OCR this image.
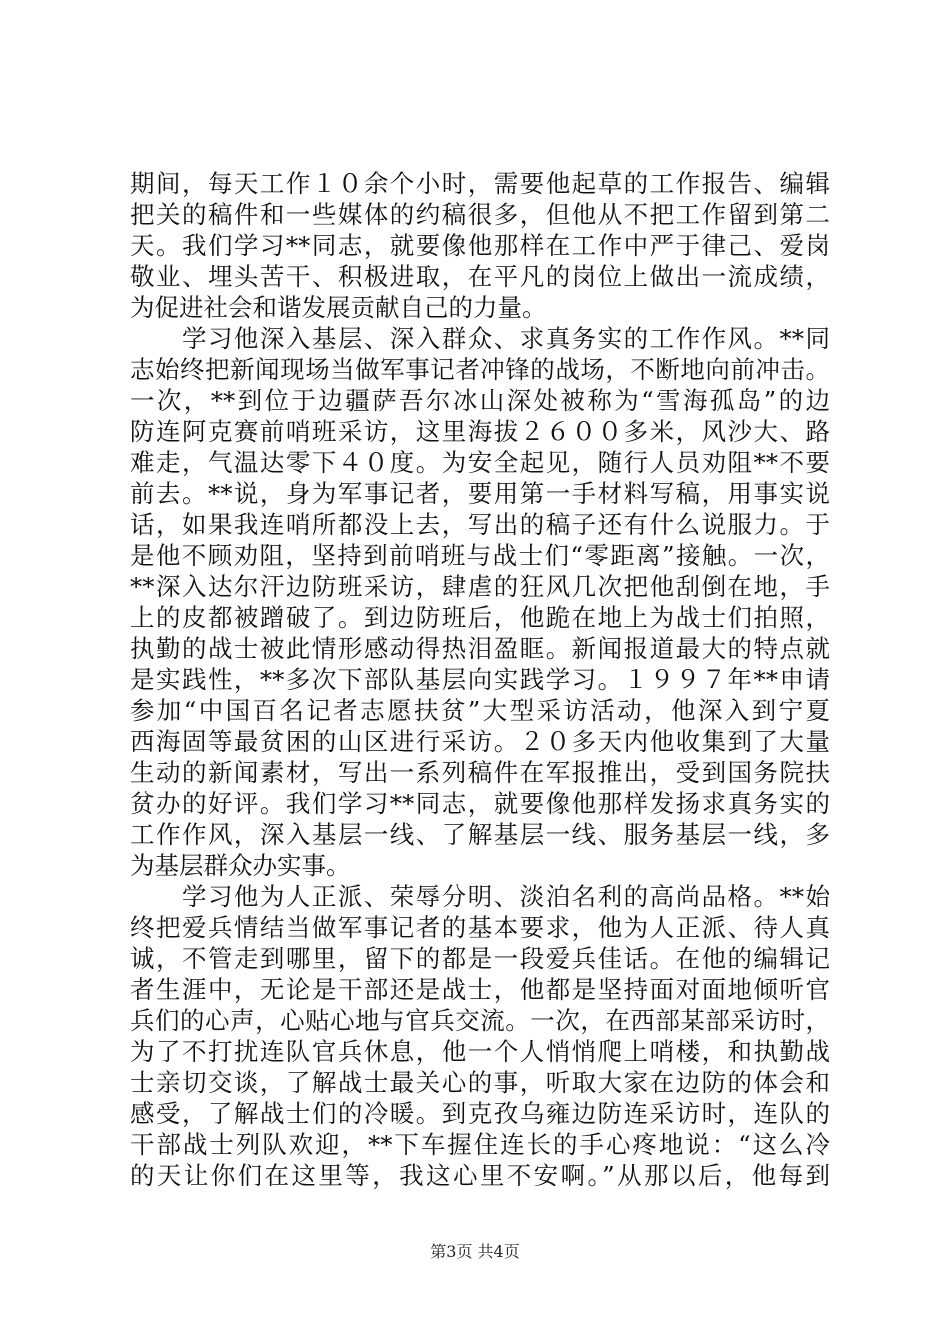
期间，每天工作１０余个小时，需要他起草的工作报告、编辑
把关的稿件和一些媒体的约稿很多，但他从不把工作留到第二
天。我们学习**同志，就要像他那样在工作中严于律己、爱岗
敬业、埋头苦干、积极进取，在平凡的岗位上做出一流成绩，
为促进社会和谐发展贡献自己的力量。
　　学习他深入基层、深入群众、求真务实的工作作风。**同
志始终把新闻现场当做军事记者冲锋的战场，不断地向前冲击。
一次，**到位于边疆萨吾尔冰山深处被称为“雪海孤岛”的边
防连阿克赛前哨班采访，这里海拔２６００多米，风沙大、路
难走，气温达零下４０度。为安全起见，随行人员劝阻**不要
前去。**说，身为军事记者，要用第一手材料写稿，用事实说
话，如果我连哨所都没上去，写出的稿子还有什么说服力。于
是他不顾劝阻，坚持到前哨班与战士们“零距离”接触。一次，
**深入达尔汗边防班采访，肆虐的狂风几次把他刮倒在地，手
上的皮都被蹭破了。到边防班后，他跪在地上为战士们拍照，
执勤的战士被此情形感动得热泪盈眶。新闻报道最大的特点就
是实践性，**多次下部队基层向实践学习。１９９７年**申请
参加“中国百名记者志愿扶贫”大型采访活动，他深入到宁夏
西海固等最贫困的山区进行采访。２０多天内他收集到了大量
生动的新闻素材，写出一系列稿件在军报推出，受到国务院扶
贫办的好评。我们学习**同志，就要像他那样发扬求真务实的
工作作风，深入基层一线、了解基层一线、服务基层一线，多
为基层群众办实事。
　　学习他为人正派、荣辱分明、淡泊名利的高尚品格。**始
终把爱兵情结当做军事记者的基本要求，他为人正派、待人真
诚，不管走到哪里，留下的都是一段爱兵佳话。在他的编辑记
者生涯中，无论是干部还是战士，他都是坚持面对面地倾听官
兵们的心声，心贴心地与官兵交流。一次，在西部某部采访时，
为了不打扰连队官兵休息，他一个人悄悄爬上哨楼，和执勤战
士亲切交谈，了解战士最关心的事，听取大家在边防的体会和
感受，了解战士们的冷暖。到克孜乌雍边防连采访时，连队的
干部战士列队欢迎，**下车握住连长的手心疼地说：“这么冷
的天让你们在这里等，我这心里不安啊。”从那以后，他每到
第3页 共4页
